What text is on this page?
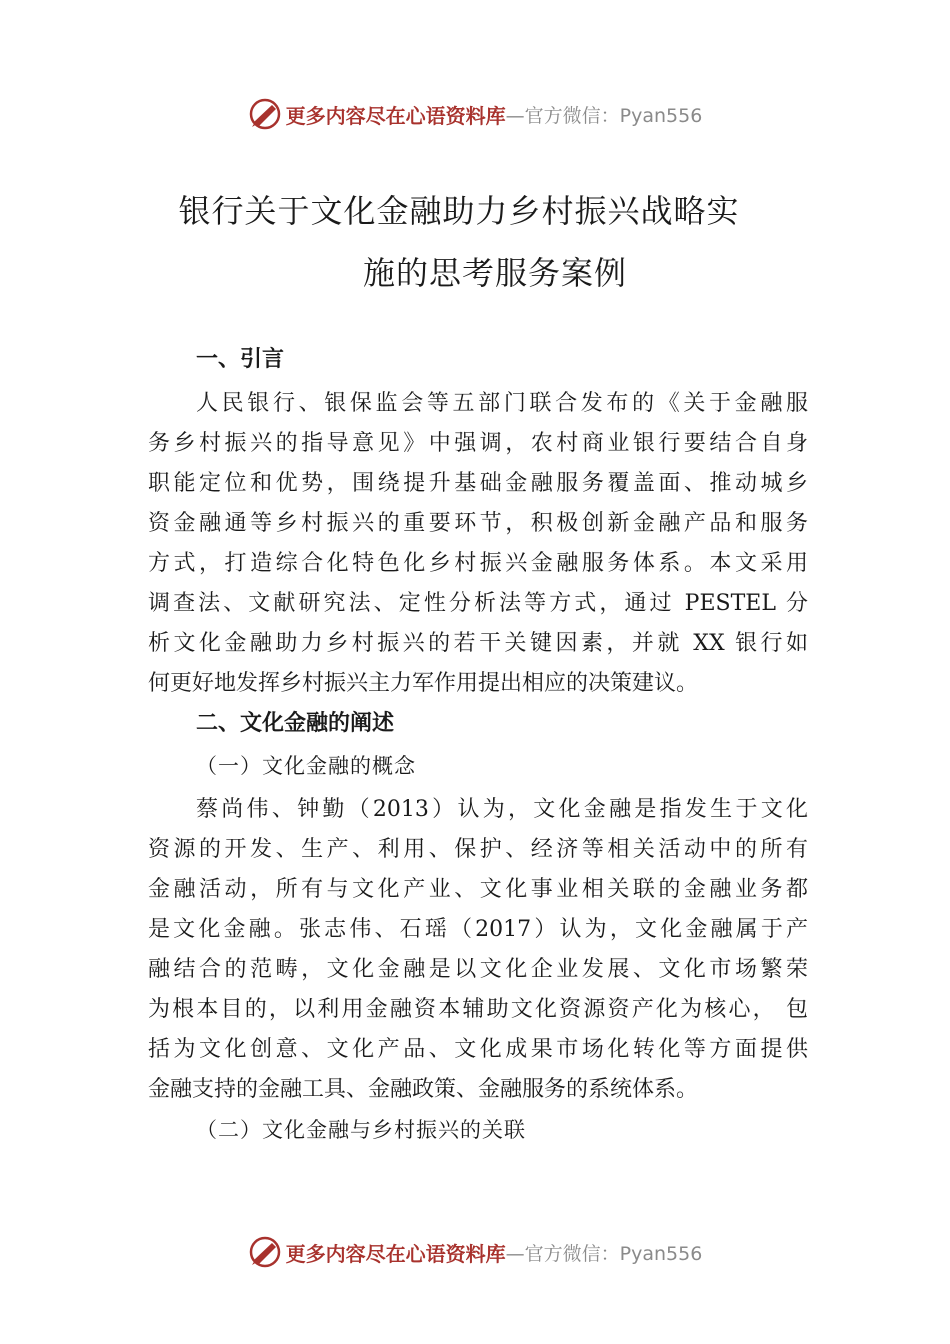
更多内容尽在心语资料库 —官方微信：Pyan556
银行关于文化金融助力乡村振兴战略实
施的思考服务案例
一、引言
人民银行、银保监会等五部门联合发布的《关于金融服
务乡村振兴的指导意见》中强调，农村商业银行要结合自身
职能定位和优势，围绕提升基础金融服务覆盖面、推动城乡
资金融通等乡村振兴的重要环节，积极创新金融产品和服务
方式，打造综合化特色化乡村振兴金融服务体系。本文采用
调查法、文献研究法、定性分析法等方式，通过 PESTEL 分
析文化金融助力乡村振兴的若干关键因素，并就 XX 银行如
何更好地发挥乡村振兴主力军作用提出相应的决策建议。
二、文化金融的阐述
（一）文化金融的概念
蔡尚伟、钟勤（2013）认为，文化金融是指发生于文化
资源的开发、生产、利用、保护、经济等相关活动中的所有
金融活动，所有与文化产业、文化事业相关联的金融业务都
是文化金融。张志伟、石瑶（2017）认为，文化金融属于产
融结合的范畴，文化金融是以文化企业发展、文化市场繁荣
为根本目的，以利用金融资本辅助文化资源资产化为核心， 包
括为文化创意、文化产品、文化成果市场化转化等方面提供
金融支持的金融工具、金融政策、金融服务的系统体系。
（二）文化金融与乡村振兴的关联
更多内容尽在心语资料库 —官方微信：Pyan556
